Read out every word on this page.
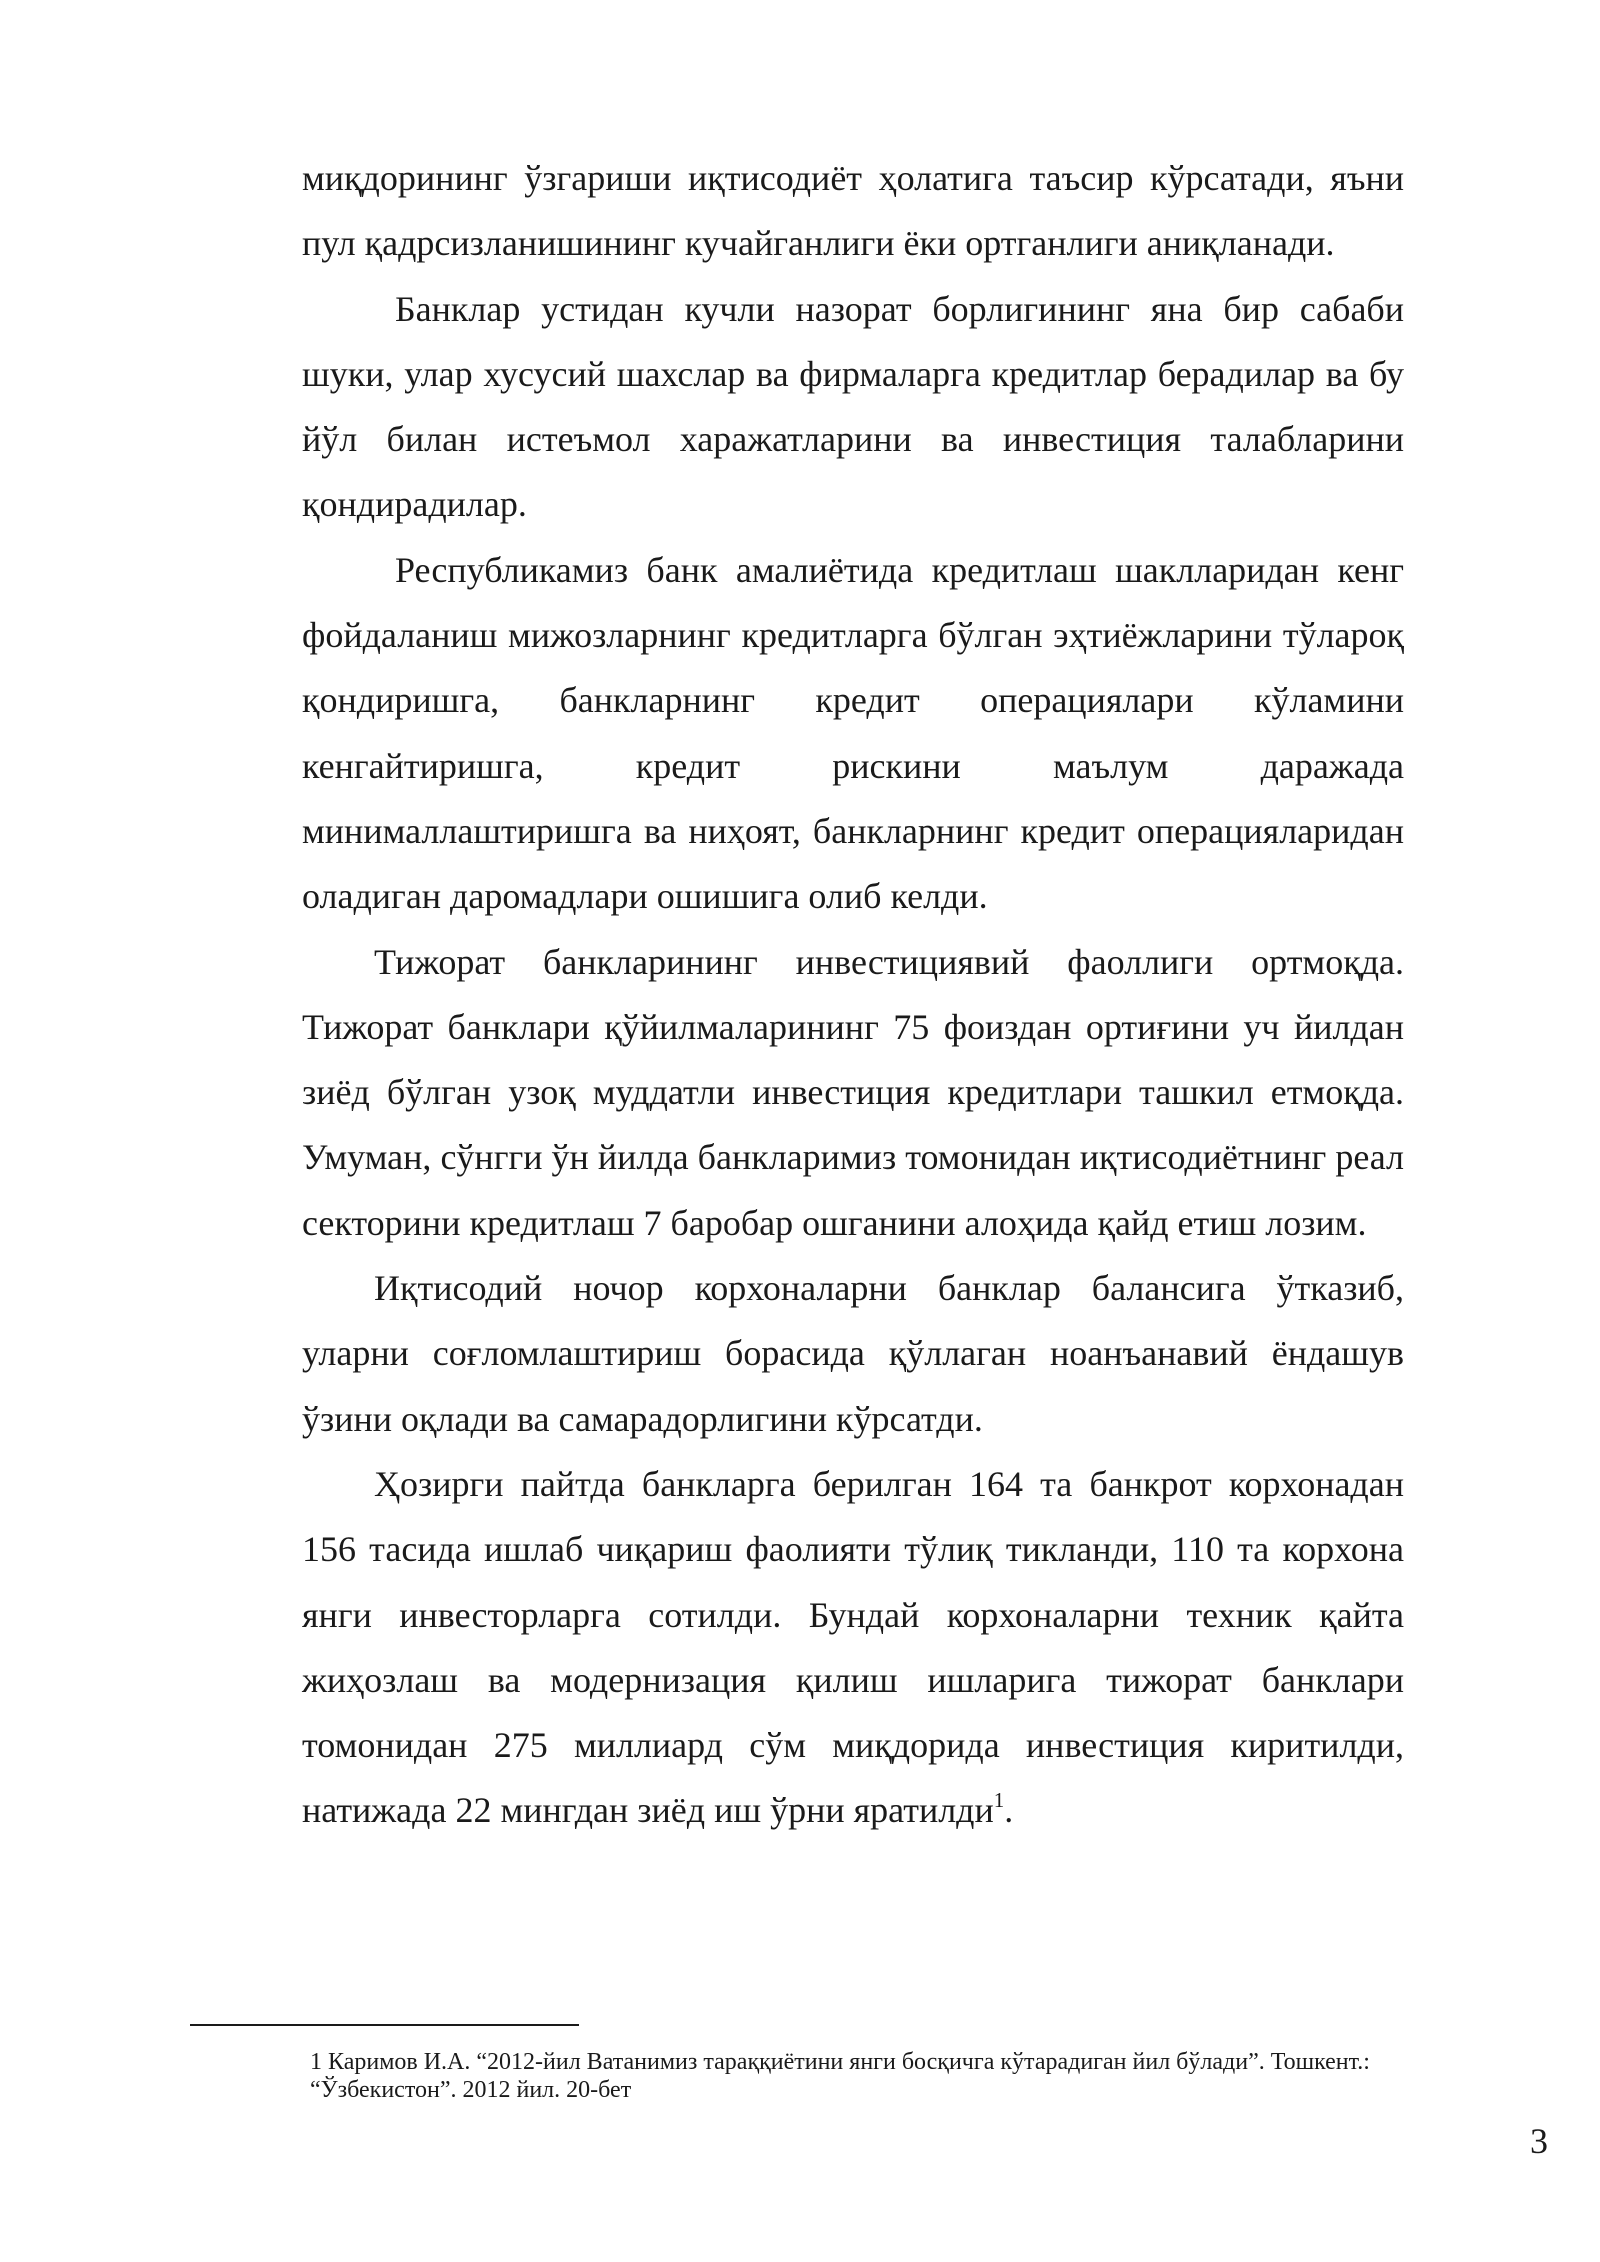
миқдорининг ўзгариши иқтисодиёт ҳолатига таъсир кўрсатади, яъни пул қадрсизланишининг кучайганлиги ёки ортганлиги аниқланади.

Банклар устидан кучли назорат борлигининг яна бир сабаби шуки, улар хусусий шахслар ва фирмаларга кредитлар берадилар ва бу йўл билан истеъмол харажатларини ва инвестиция талабларини қондирадилар.

Республикамиз банк амалиётида кредитлаш шаклларидан кенг фойдаланиш мижозларнинг кредитларга бўлган эҳтиёжларини тўлароқ қондиришга, банкларнинг кредит операциялари кўламини кенгайтиришга, кредит рискини маълум даражада минималлаштиришга ва ниҳоят, банкларнинг кредит операцияларидан оладиган даромадлари ошишига олиб келди.

Тижорат банкларининг инвестициявий фаоллиги ортмоқда. Тижорат банклари қўйилмаларининг 75 фоиздан ортиғини уч йилдан зиёд бўлган узоқ муддатли инвестиция кредитлари ташкил етмоқда. Умуман, сўнгги ўн йилда банкларимиз томонидан иқтисодиётнинг реал секторини кредитлаш 7 баробар ошганини алоҳида қайд етиш лозим.

Иқтисодий ночор корхоналарни банклар балансига ўтказиб, уларни соғломлаштириш борасида қўллаган ноанъанавий ёндашув ўзини оқлади ва самарадорлигини кўрсатди.

Ҳозирги пайтда банкларга берилган 164 та банкрот корхонадан 156 тасида ишлаб чиқариш фаолияти тўлиқ тикланди, 110 та корхона янги инвесторларга сотилди. Бундай корхоналарни техник қайта жиҳозлаш ва модернизация қилиш ишларига тижорат банклари томонидан 275 миллиард сўм миқдорида инвестиция киритилди, натижада 22 мингдан зиёд иш ўрни яратилди$^1$.

1 Каримов И.А. “2012-йил Ватанимиз тараққиётини янги босқичга кўтарадиган йил бўлади”. Тошкент.: “Ўзбекистон”. 2012 йил. 20-бет
3
